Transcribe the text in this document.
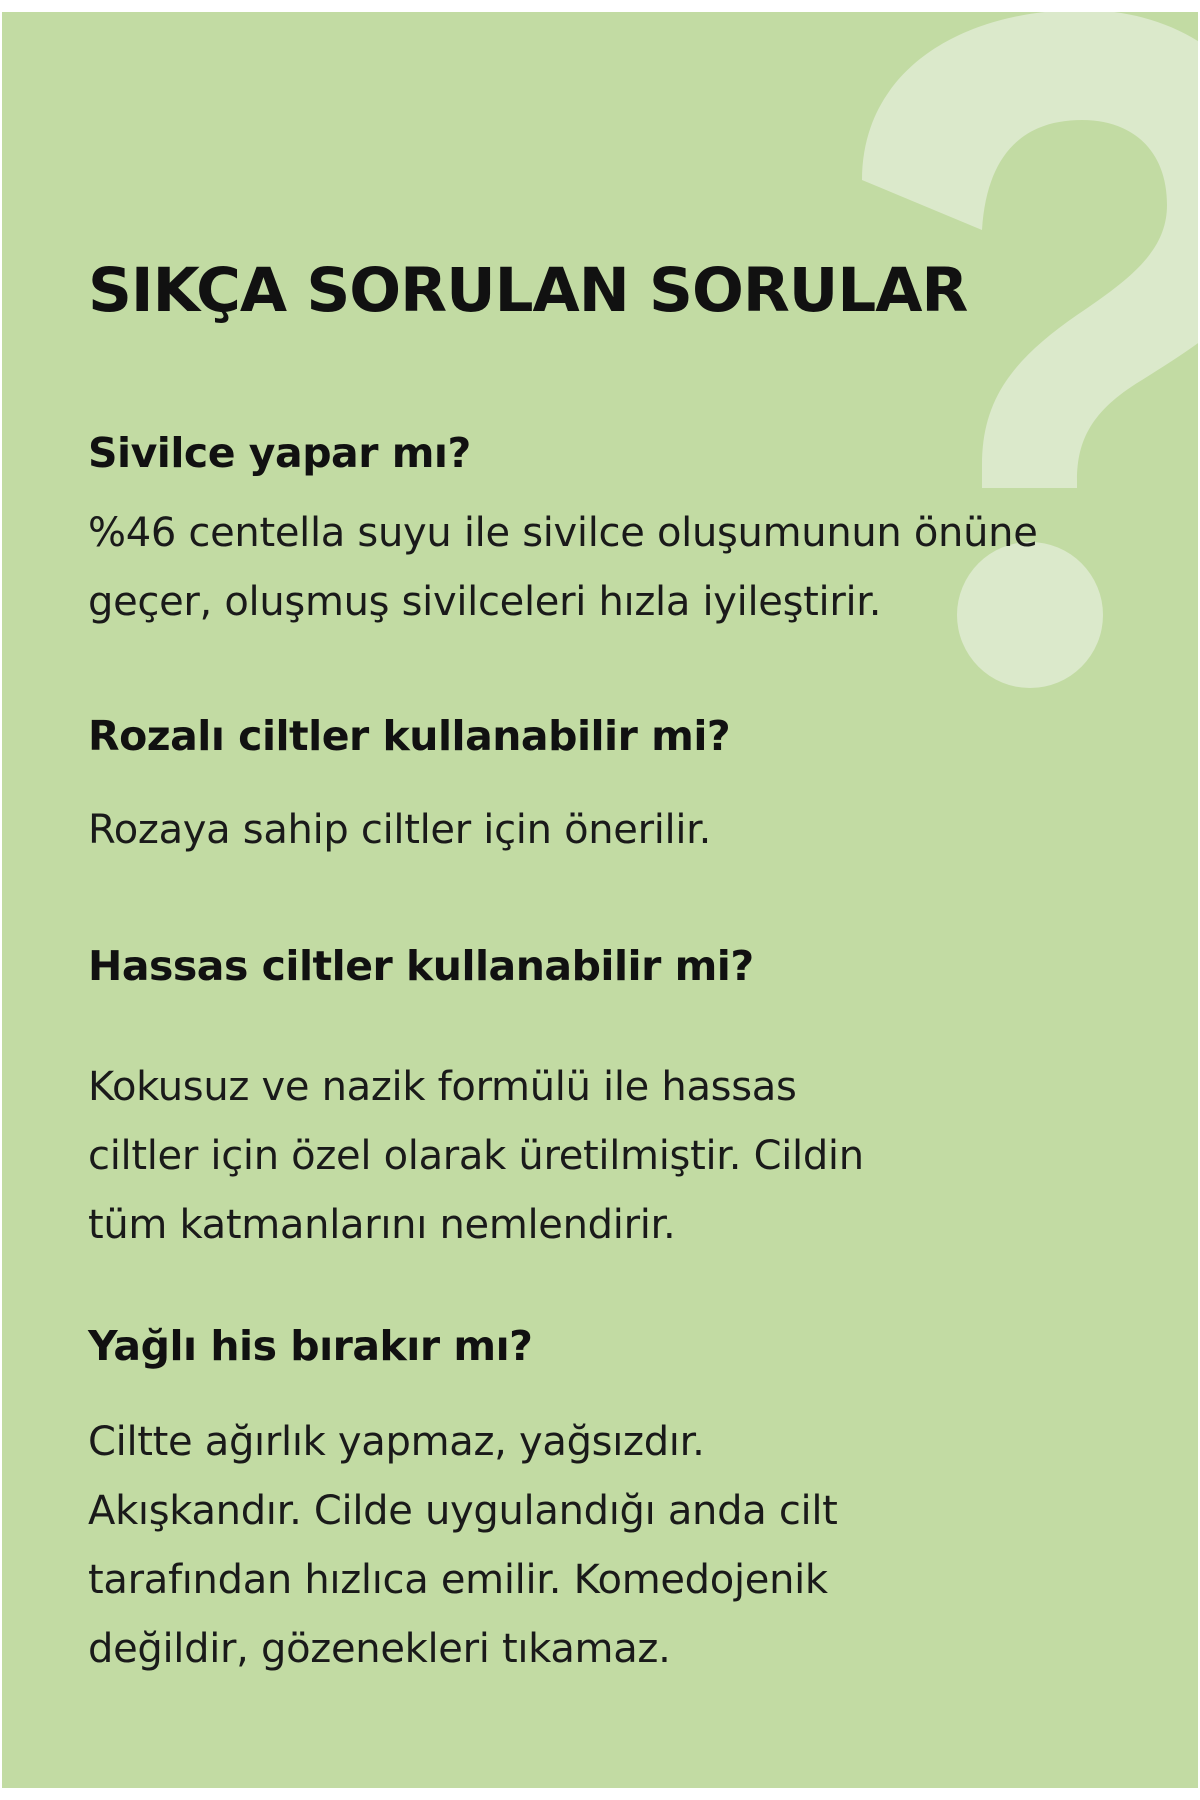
SIKÇA SORULAN SORULAR
Sivilce yapar mı?
%46 centella suyu ile sivilce oluşumunun önüne
geçer, oluşmuş sivilceleri hızla iyileştirir.
Rozalı ciltler kullanabilir mi?
Rozaya sahip ciltler için önerilir.
Hassas ciltler kullanabilir mi?
Kokusuz ve nazik formülü ile hassas
ciltler için özel olarak üretilmiştir. Cildin
tüm katmanlarını nemlendirir.
Yağlı his bırakır mı?
Ciltte ağırlık yapmaz, yağsızdır.
Akışkandır. Cilde uygulandığı anda cilt
tarafından hızlıca emilir. Komedojenik
değildir, gözenekleri tıkamaz.
